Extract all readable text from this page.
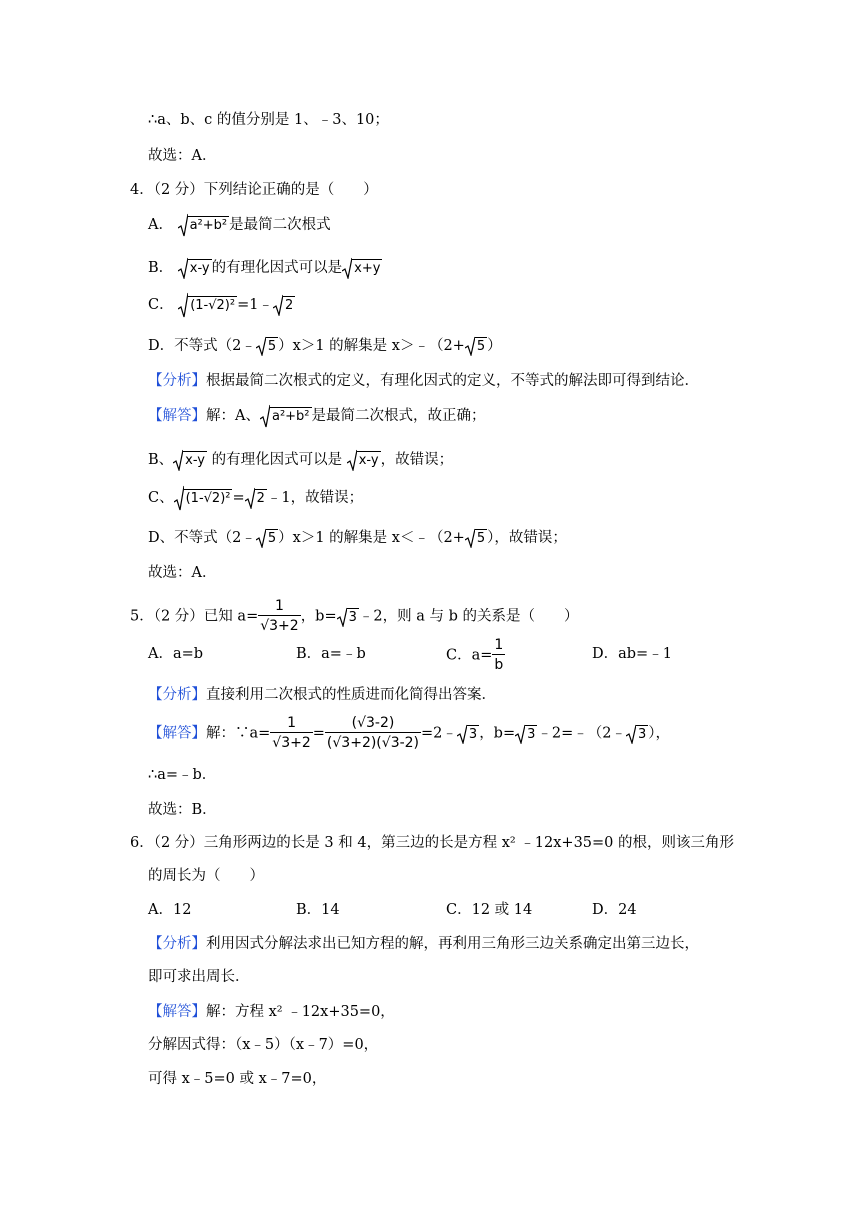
∴a、b、c 的值分别是 1、﹣3、10；
故选：A．
4．（2 分）下列结论正确的是（　　）
A． a²+b² 是最简二次根式
B． x-y 的有理化因式可以是 x+y
C． (1-√2)² =1﹣ 2
D．不等式（2﹣ 5 ）x＞1 的解集是 x＞﹣（2+ 5 ）
【分析】根据最简二次根式的定义，有理化因式的定义，不等式的解法即可得到结论．
【解答】解：A、 a²+b² 是最简二次根式，故正确；
B、 x-y 的有理化因式可以是 x-y ，故错误；
C、 (1-√2)² = 2 ﹣1，故错误；
D、不等式（2﹣ 5 ）x＞1 的解集是 x＜﹣（2+ 5 ），故错误；
故选：A．
5．（2 分）已知 $a= \frac{1}{√3+2}$ ，b= 3 ﹣2，则 a 与 b 的关系是（　　）
A．a=b	B．a=﹣b	C．$a= \frac{1}{b}$	D．ab=﹣1
【分析】直接利用二次根式的性质进而化简得出答案．
【解答】解：∵a= $\frac{1}{√3+2} = \frac{(√3-2)}{(√3+2)(√3-2)}$ =2﹣ 3 ，b= 3 ﹣2=﹣（2﹣ 3 ），
∴a=﹣b．
故选：B．
6．（2 分）三角形两边的长是 3 和 4，第三边的长是方程 x² ﹣12x+35=0 的根，则该三角形
的周长为（　　）
A．12	B．14	C．12 或 14	D．24
【分析】利用因式分解法求出已知方程的解，再利用三角形三边关系确定出第三边长，
即可求出周长．
【解答】解：方程 x² ﹣12x+35=0，
分解因式得：（x﹣5）（x﹣7）=0，
可得 x﹣5=0 或 x﹣7=0，
